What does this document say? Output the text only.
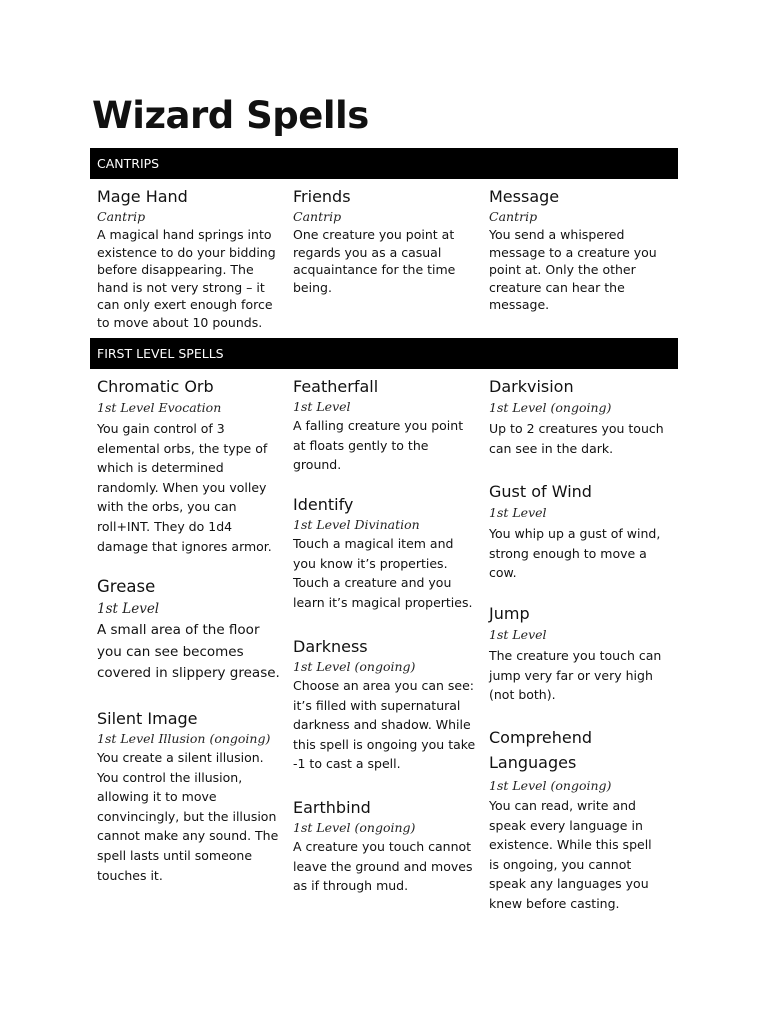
Wizard Spells
CANTRIPS
Mage Hand

Cantrip

A magical hand springs into existence to do your bidding before disappearing. The hand is not very strong – it can only exert enough force to move about 10 pounds.

Friends

Cantrip

One creature you point at regards you as a casual acquaintance for the time being.

Message

Cantrip

You send a whispered message to a creature you point at. Only the other creature can hear the message.

FIRST LEVEL SPELLS
Chromatic Orb

1st Level Evocation

You gain control of 3 elemental orbs, the type of which is determined randomly. When you volley with the orbs, you can roll+INT. They do 1d4 damage that ignores armor.

Grease

1st Level

A small area of the floor you can see becomes covered in slippery grease.

Silent Image

1st Level Illusion (ongoing)

You create a silent illusion. You control the illusion, allowing it to move convincingly, but the illusion cannot make any sound. The spell lasts until someone touches it.

Featherfall

1st Level

A falling creature you point at floats gently to the ground.

Identify

1st Level Divination

Touch a magical item and you know it’s properties. Touch a creature and you learn it’s magical properties.

Darkness

1st Level (ongoing)

Choose an area you can see: it’s filled with supernatural darkness and shadow. While this spell is ongoing you take -1 to cast a spell.

Earthbind

1st Level (ongoing)

A creature you touch cannot leave the ground and moves as if through mud.

Darkvision

1st Level (ongoing)

Up to 2 creatures you touch can see in the dark.

Gust of Wind

1st Level

You whip up a gust of wind, strong enough to move a cow.

Jump

1st Level

The creature you touch can jump very far or very high (not both).

Comprehend Languages

1st Level (ongoing)

You can read, write and speak every language in existence. While this spell is ongoing, you cannot speak any languages you knew before casting.
